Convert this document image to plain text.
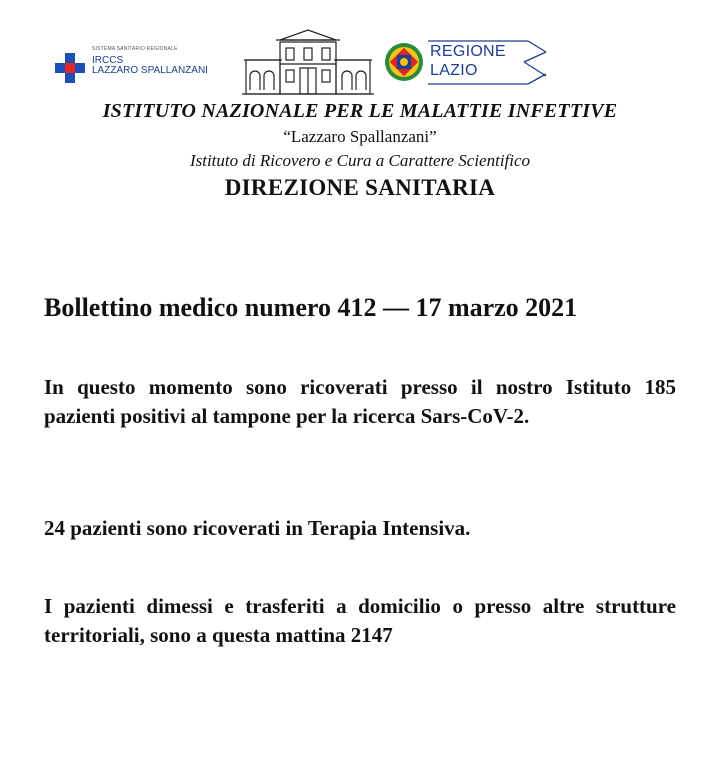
SISTEMA SANITARIO REGIONALE
IRCCS
LAZZARO SPALLANZANI
REGIONE
LAZIO
ISTITUTO NAZIONALE PER LE MALATTIE INFETTIVE
“Lazzaro Spallanzani”
Istituto di Ricovero e Cura a Carattere Scientifico
DIREZIONE SANITARIA
Bollettino medico numero 412 — 17 marzo 2021
In questo momento sono ricoverati presso il nostro Istituto 185 pazienti positivi al tampone per la ricerca Sars-CoV-2.
24 pazienti sono ricoverati in Terapia Intensiva.
I pazienti dimessi e trasferiti a domicilio o presso altre strutture territoriali, sono a questa mattina 2147
